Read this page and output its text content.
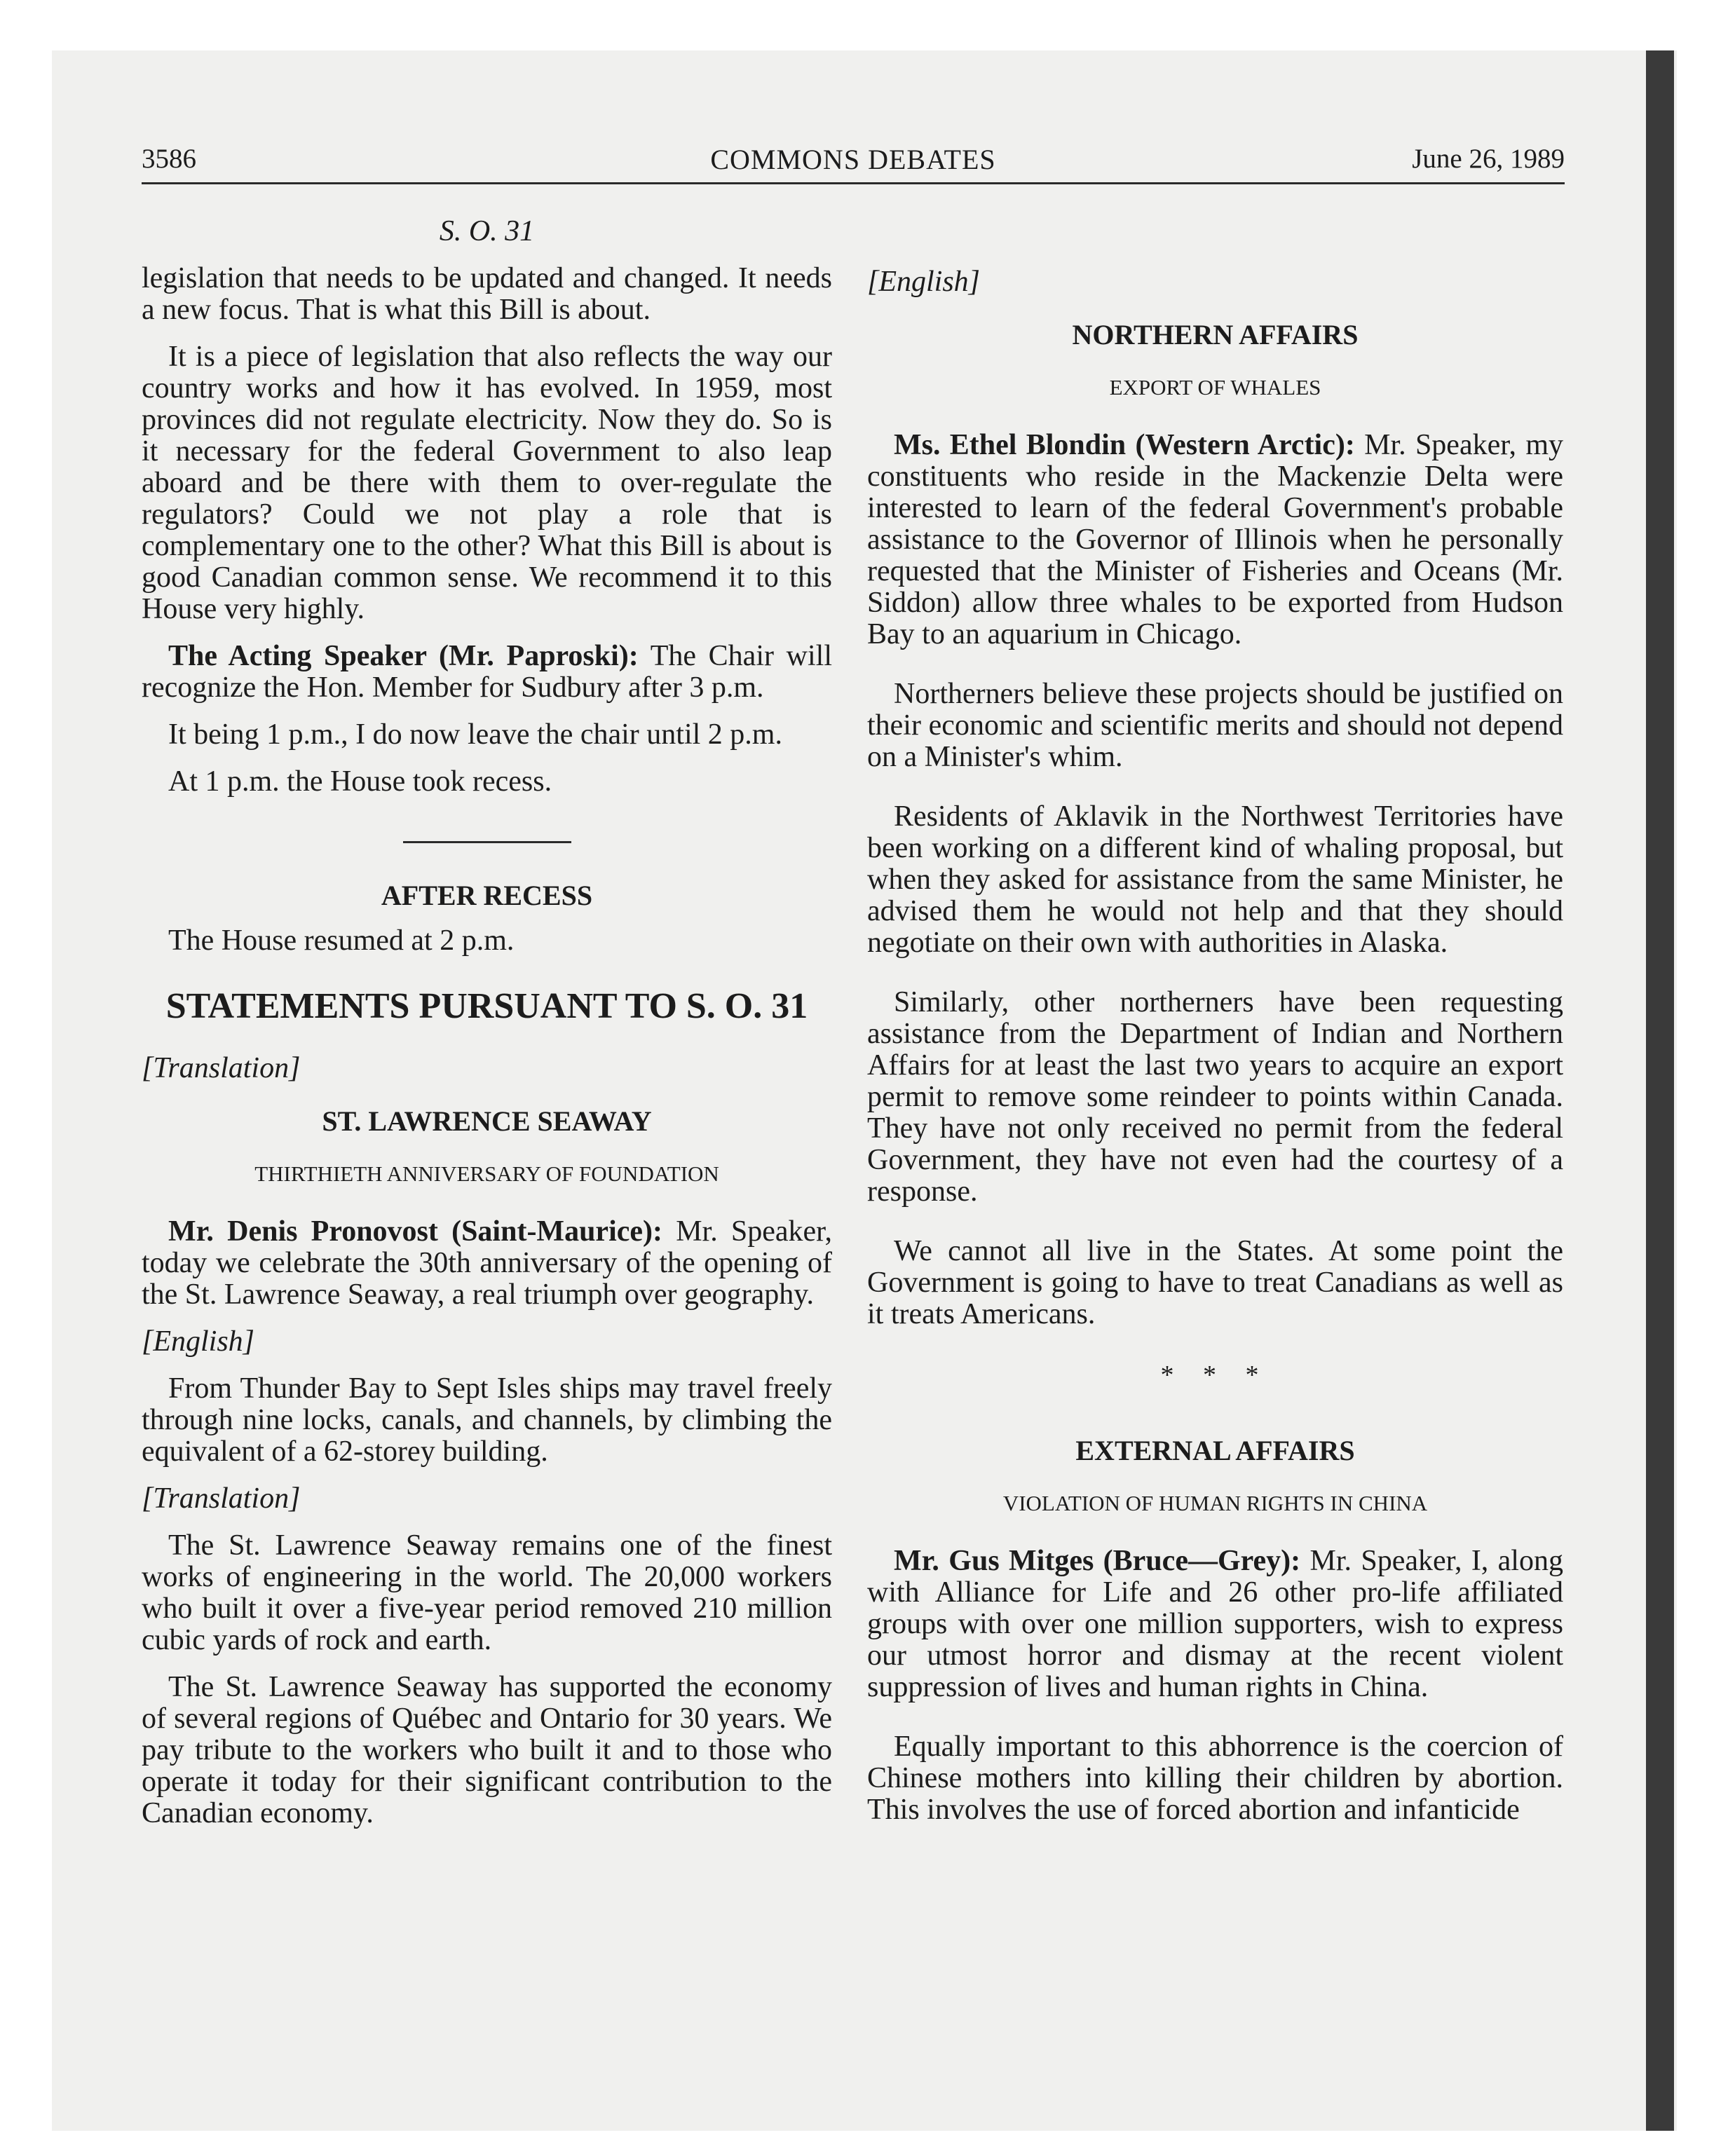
3586	COMMONS DEBATES	June 26, 1989
S. O. 31

legislation that needs to be updated and changed. It needs a new focus. That is what this Bill is about.

It is a piece of legislation that also reflects the way our country works and how it has evolved. In 1959, most provinces did not regulate electricity. Now they do. So is it necessary for the federal Government to also leap aboard and be there with them to over-regulate the regulators? Could we not play a role that is complementary one to the other? What this Bill is about is good Canadian common sense. We recommend it to this House very highly.

The Acting Speaker (Mr. Paproski): The Chair will recognize the Hon. Member for Sudbury after 3 p.m.

It being 1 p.m., I do now leave the chair until 2 p.m.

At 1 p.m. the House took recess.

AFTER RECESS

The House resumed at 2 p.m.

STATEMENTS PURSUANT TO S. O. 31
[Translation]
ST. LAWRENCE SEAWAY
THIRTHIETH ANNIVERSARY OF FOUNDATION

Mr. Denis Pronovost (Saint-Maurice): Mr. Speaker, today we celebrate the 30th anniversary of the opening of the St. Lawrence Seaway, a real triumph over geography.

[English]

From Thunder Bay to Sept Isles ships may travel freely through nine locks, canals, and channels, by climbing the equivalent of a 62-storey building.

[Translation]

The St. Lawrence Seaway remains one of the finest works of engineering in the world. The 20,000 workers who built it over a five-year period removed 210 million cubic yards of rock and earth.

The St. Lawrence Seaway has supported the economy of several regions of Québec and Ontario for 30 years. We pay tribute to the workers who built it and to those who operate it today for their significant contribution to the Canadian economy.

[English]
NORTHERN AFFAIRS
EXPORT OF WHALES

Ms. Ethel Blondin (Western Arctic): Mr. Speaker, my constituents who reside in the Mackenzie Delta were interested to learn of the federal Government's probable assistance to the Governor of Illinois when he personally requested that the Minister of Fisheries and Oceans (Mr. Siddon) allow three whales to be exported from Hudson Bay to an aquarium in Chicago.

Northerners believe these projects should be justified on their economic and scientific merits and should not depend on a Minister's whim.

Residents of Aklavik in the Northwest Territories have been working on a different kind of whaling proposal, but when they asked for assistance from the same Minister, he advised them he would not help and that they should negotiate on their own with authorities in Alaska.

Similarly, other northerners have been requesting assistance from the Department of Indian and Northern Affairs for at least the last two years to acquire an export permit to remove some reindeer to points within Canada. They have not only received no permit from the federal Government, they have not even had the courtesy of a response.

We cannot all live in the States. At some point the Government is going to have to treat Canadians as well as it treats Americans.

* * *
EXTERNAL AFFAIRS
VIOLATION OF HUMAN RIGHTS IN CHINA

Mr. Gus Mitges (Bruce—Grey): Mr. Speaker, I, along with Alliance for Life and 26 other pro-life affiliated groups with over one million supporters, wish to express our utmost horror and dismay at the recent violent suppression of lives and human rights in China.

Equally important to this abhorrence is the coercion of Chinese mothers into killing their children by abortion. This involves the use of forced abortion and infanticide
